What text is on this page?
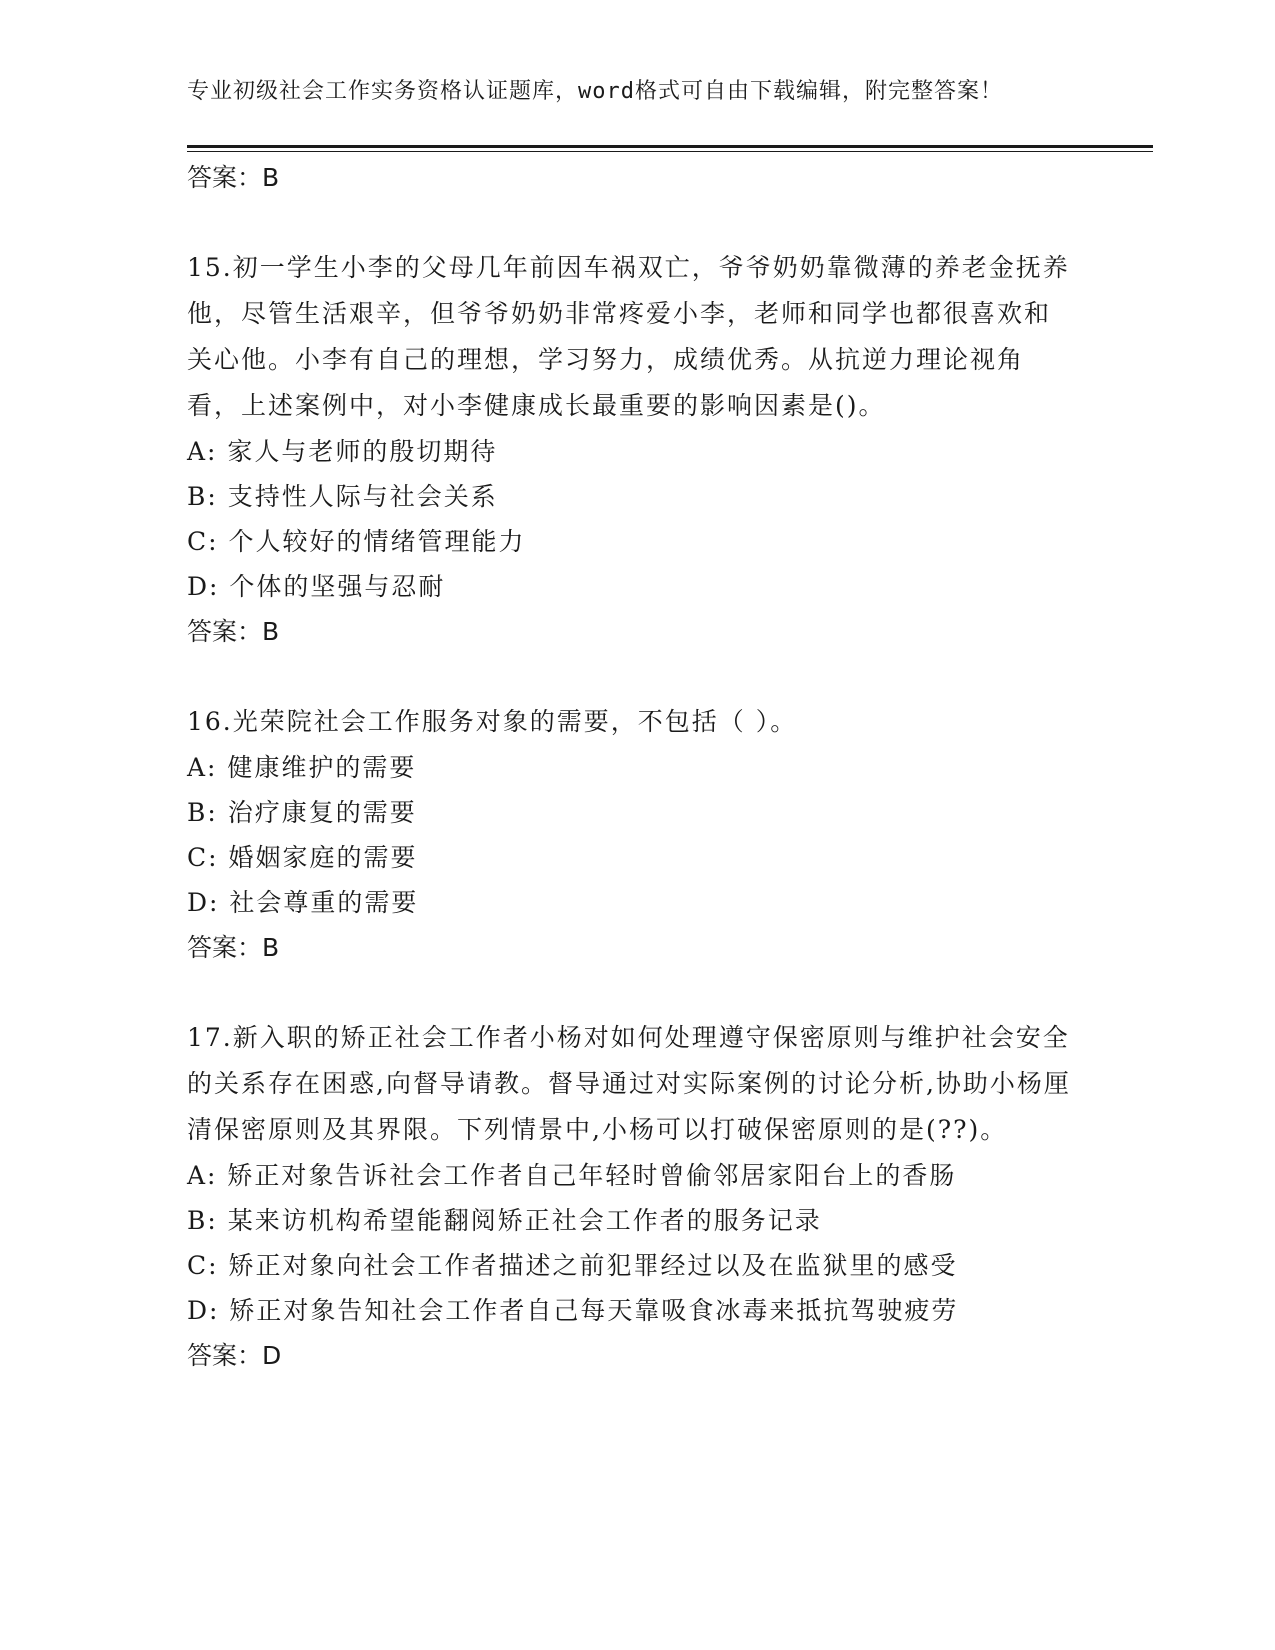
专业初级社会工作实务资格认证题库，word格式可自由下载编辑，附完整答案！
答案：B
15.初一学生小李的父母几年前因车祸双亡，爷爷奶奶靠微薄的养老金抚养他，尽管生活艰辛，但爷爷奶奶非常疼爱小李，老师和同学也都很喜欢和关心他。小李有自己的理想，学习努力，成绩优秀。从抗逆力理论视角看，上述案例中，对小李健康成长最重要的影响因素是()。
A: 家人与老师的殷切期待
B: 支持性人际与社会关系
C: 个人较好的情绪管理能力
D: 个体的坚强与忍耐
答案：B
16.光荣院社会工作服务对象的需要，不包括（ ）。
A: 健康维护的需要
B: 治疗康复的需要
C: 婚姻家庭的需要
D: 社会尊重的需要
答案：B
17.新入职的矫正社会工作者小杨对如何处理遵守保密原则与维护社会安全的关系存在困惑,向督导请教。督导通过对实际案例的讨论分析,协助小杨厘清保密原则及其界限。下列情景中,小杨可以打破保密原则的是(??)。
A: 矫正对象告诉社会工作者自己年轻时曾偷邻居家阳台上的香肠
B: 某来访机构希望能翻阅矫正社会工作者的服务记录
C: 矫正对象向社会工作者描述之前犯罪经过以及在监狱里的感受
D: 矫正对象告知社会工作者自己每天靠吸食冰毒来抵抗驾驶疲劳
答案：D
